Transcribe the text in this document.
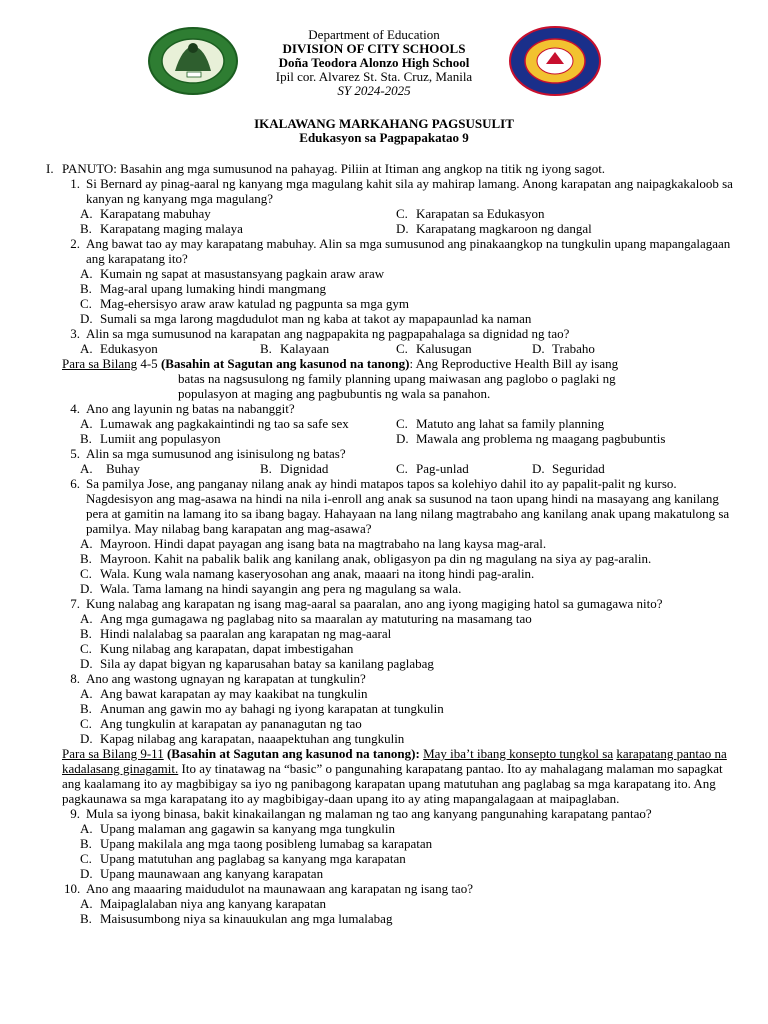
Department of Education
DIVISION OF CITY SCHOOLS
Doña Teodora Alonzo High School
Ipil cor. Alvarez St. Sta. Cruz, Manila
SY 2024-2025
IKALAWANG MARKAHANG PAGSUSULIT
Edukasyon sa Pagpapakatao 9
I. PANUTO: Basahin ang mga sumusunod na pahayag. Piliin at Itiman ang angkop na titik ng iyong sagot.
1. Si Bernard ay pinag-aaral ng kanyang mga magulang kahit sila ay mahirap lamang. Anong karapatan ang naipagkakaloob sa kanyan ng kanyang mga magulang?
A. Karapatang mabuhay	C. Karapatan sa Edukasyon
B. Karapatang maging malaya	D. Karapatang magkaroon ng dangal
2. Ang bawat tao ay may karapatang mabuhay. Alin sa mga sumusunod ang pinakaangkop na tungkulin upang mapangalagaan ang karapatang ito?
A. Kumain ng sapat at masustansyang pagkain araw araw
B. Mag-aral upang lumaking hindi mangmang
C. Mag-ehersisyo araw araw katulad ng pagpunta sa mga gym
D. Sumali sa mga larong magdudulot man ng kaba at takot ay mapapaunlad ka naman
3. Alin sa mga sumusunod na karapatan ang nagpapakita ng pagpapahalaga sa dignidad ng tao?
A. Edukasyon	B. Kalayaan	C. Kalusugan	D. Trabaho
Para sa Bilang 4-5 (Basahin at Sagutan ang kasunod na tanong): Ang Reproductive Health Bill ay isang
batas na nagsusulong ng family planning upang maiwasan ang paglobo o paglaki ng
populasyon at maging ang pagbubuntis ng wala sa panahon.
4. Ano ang layunin ng batas na nabanggit?
A. Lumawak ang pagkakaintindi ng tao sa safe sex	C. Matuto ang lahat sa family planning
B. Lumiit ang populasyon	D. Mawala ang problema ng maagang pagbubuntis
5. Alin sa mga sumusunod ang isinisulong ng batas?
A.	Buhay	B. Dignidad	C. Pag-unlad	D. Seguridad
6. Sa pamilya Jose, ang panganay nilang anak ay hindi matapos tapos sa kolehiyo dahil ito ay papalit-palit ng kurso. Nagdesisyon ang mag-asawa na hindi na nila i-enroll ang anak sa susunod na taon upang hindi na masayang ang kanilang pera at gamitin na lamang ito sa ibang bagay. Hahayaan na lang nilang magtrabaho ang kanilang anak upang makatulong sa pamilya. May nilabag bang karapatan ang mag-asawa?
A. Mayroon. Hindi dapat payagan ang isang bata na magtrabaho na lang kaysa mag-aral.
B. Mayroon. Kahit na pabalik balik ang kanilang anak, obligasyon pa din ng magulang na siya ay pag-aralin.
C. Wala. Kung wala namang kaseryosohan ang anak, maaari na itong hindi pag-aralin.
D. Wala. Tama lamang na hindi sayangin ang pera ng magulang sa wala.
7. Kung nalabag ang karapatan ng isang mag-aaral sa paaralan, ano ang iyong magiging hatol sa gumagawa nito?
A. Ang mga gumagawa ng paglabag nito sa maaralan ay matuturing na masamang tao
B. Hindi nalalabag sa paaralan ang karapatan ng mag-aaral
C. Kung nilabag ang karapatan, dapat imbestigahan
D. Sila ay dapat bigyan ng kaparusahan batay sa kanilang paglabag
8. Ano ang wastong ugnayan ng karapatan at tungkulin?
A. Ang bawat karapatan ay may kaakibat na tungkulin
B. Anuman ang gawin mo ay bahagi ng iyong karapatan at tungkulin
C. Ang tungkulin at karapatan ay pananagutan ng tao
D. Kapag nilabag ang karapatan, naaapektuhan ang tungkulin
Para sa Bilang 9-11 (Basahin at Sagutan ang kasunod na tanong): May iba’t ibang konsepto tungkol sa karapatang pantao na kadalasang ginagamit. Ito ay tinatawag na “basic” o pangunahing karapatang pantao. Ito ay mahalagang malaman mo sapagkat ang kaalamang ito ay magbibigay sa iyo ng panibagong karapatan upang matutuhan ang paglabag sa mga karapatang ito. Ang pagkaunawa sa mga karapatang ito ay magbibigay-daan upang ito ay ating mapangalagaan at maipaglaban.
9. Mula sa iyong binasa, bakit kinakailangan ng malaman ng tao ang kanyang pangunahing karapatang pantao?
A. Upang malaman ang gagawin sa kanyang mga tungkulin
B. Upang makilala ang mga taong posibleng lumabag sa karapatan
C. Upang matutuhan ang paglabag sa kanyang mga karapatan
D. Upang maunawaan ang kanyang karapatan
10. Ano ang maaaring maidudulot na maunawaan ang karapatan ng isang tao?
A. Maipaglalaban niya ang kanyang karapatan
B. Maisusumbong niya sa kinauukulan ang mga lumalabag
